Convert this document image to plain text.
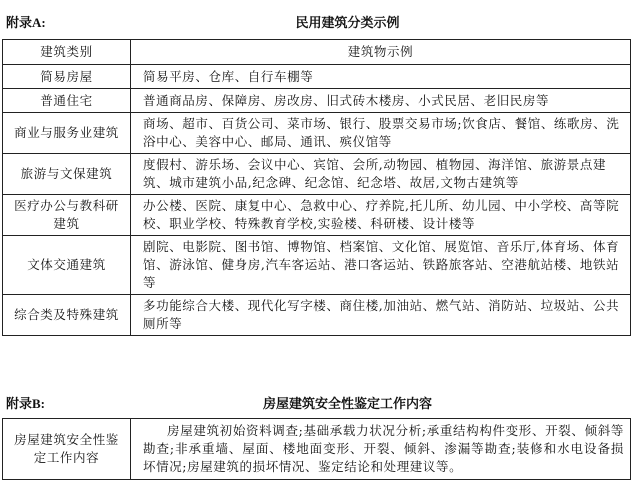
附录A:	民用建筑分类示例
建筑类别	建筑物示例
简易房屋	简易平房、仓库、自行车棚等
普通住宅	普通商品房、保障房、房改房、旧式砖木楼房、小式民居、老旧民房等
商业与服务业建筑	商场、超市、百货公司、菜市场、银行、股票交易市场;饮食店、餐馆、练歌房、洗浴中心、美容中心、邮局、通讯、殡仪馆等
旅游与文保建筑	度假村、游乐场、会议中心、宾馆、会所,动物园、植物园、海洋馆、旅游景点建筑、城市建筑小品,纪念碑、纪念馆、纪念塔、故居,文物古建筑等
医疗办公与教科研建筑	办公楼、医院、康复中心、急救中心、疗养院,托儿所、幼儿园、中小学校、高等院校、职业学校、特殊教育学校,实验楼、科研楼、设计楼等
文体交通建筑	剧院、电影院、图书馆、博物馆、档案馆、文化馆、展览馆、音乐厅,体育场、体育馆、游泳馆、健身房,汽车客运站、港口客运站、铁路旅客站、空港航站楼、地铁站等
综合类及特殊建筑	多功能综合大楼、现代化写字楼、商住楼,加油站、燃气站、消防站、垃圾站、公共厕所等
附录B:	房屋建筑安全性鉴定工作内容
房屋建筑安全性鉴定工作内容	房屋建筑初始资料调查;基础承载力状况分析;承重结构构件变形、开裂、倾斜等勘查;非承重墙、屋面、楼地面变形、开裂、倾斜、渗漏等勘查;装修和水电设备损坏情况;房屋建筑的损坏情况、鉴定结论和处理建议等。
